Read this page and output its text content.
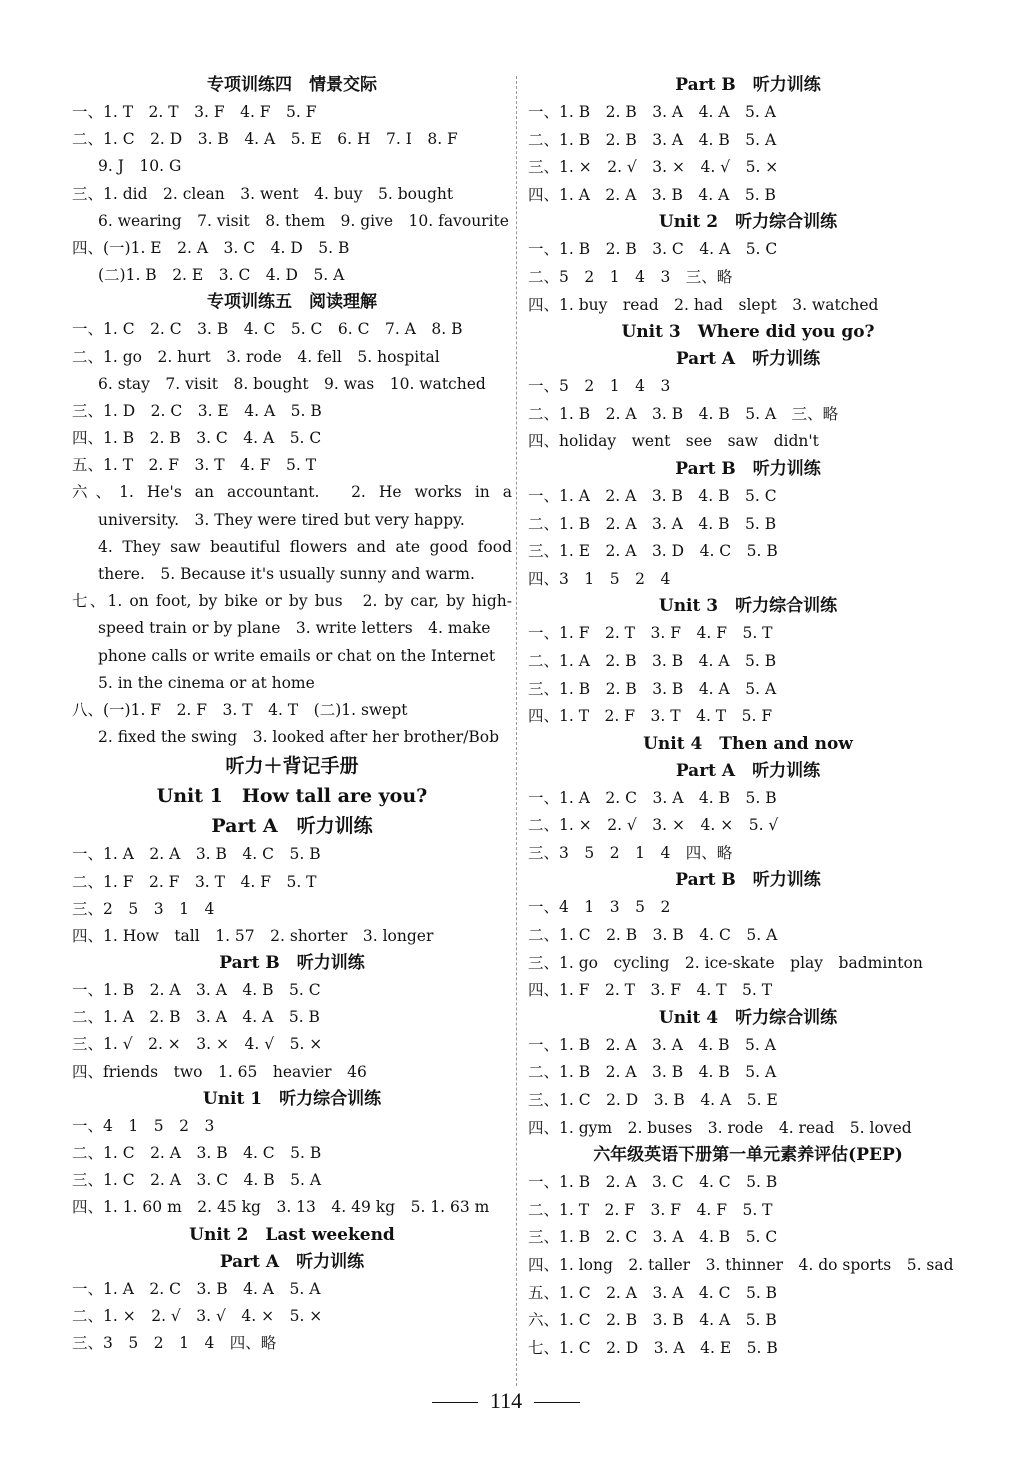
专项训练四　情景交际
一、1. T　2. T　3. F　4. F　5. F
二、1. C　2. D　3. B　4. A　5. E　6. H　7. I　8. F
9. J　10. G
三、1. did　2. clean　3. went　4. buy　5. bought
6. wearing　7. visit　8. them　9. give　10. favourite
四、(一)1. E　2. A　3. C　4. D　5. B
(二)1. B　2. E　3. C　4. D　5. A
专项训练五　阅读理解
一、1. C　2. C　3. B　4. C　5. C　6. C　7. A　8. B
二、1. go　2. hurt　3. rode　4. fell　5. hospital
6. stay　7. visit　8. bought　9. was　10. watched
三、1. D　2. C　3. E　4. A　5. B
四、1. B　2. B　3. C　4. A　5. C
五、1. T　2. F　3. T　4. F　5. T
六、1. He's an accountant.　2. He works in a
university.　3. They were tired but very happy.
4. They saw beautiful flowers and ate good food
there.　5. Because it's usually sunny and warm.
七、1. on foot, by bike or by bus　2. by car, by high-
speed train or by plane　3. write letters　4. make
phone calls or write emails or chat on the Internet
5. in the cinema or at home
八、(一)1. F　2. F　3. T　4. T　(二)1. swept
2. fixed the swing　3. looked after her brother/Bob
听力＋背记手册
Unit 1　How tall are you?
Part A　听力训练
一、1. A　2. A　3. B　4. C　5. B
二、1. F　2. F　3. T　4. F　5. T
三、2　5　3　1　4
四、1. How　tall　1. 57　2. shorter　3. longer
Part B　听力训练
一、1. B　2. A　3. A　4. B　5. C
二、1. A　2. B　3. A　4. A　5. B
三、1. √　2. ×　3. ×　4. √　5. ×
四、friends　two　1. 65　heavier　46
Unit 1　听力综合训练
一、4　1　5　2　3
二、1. C　2. A　3. B　4. C　5. B
三、1. C　2. A　3. C　4. B　5. A
四、1. 1. 60 m　2. 45 kg　3. 13　4. 49 kg　5. 1. 63 m
Unit 2　Last weekend
Part A　听力训练
一、1. A　2. C　3. B　4. A　5. A
二、1. ×　2. √　3. √　4. ×　5. ×
三、3　5　2　1　4　四、略
Part B　听力训练
一、1. B　2. B　3. A　4. A　5. A
二、1. B　2. B　3. A　4. B　5. A
三、1. ×　2. √　3. ×　4. √　5. ×
四、1. A　2. A　3. B　4. A　5. B
Unit 2　听力综合训练
一、1. B　2. B　3. C　4. A　5. C
二、5　2　1　4　3　三、略
四、1. buy　read　2. had　slept　3. watched
Unit 3　Where did you go?
Part A　听力训练
一、5　2　1　4　3
二、1. B　2. A　3. B　4. B　5. A　三、略
四、holiday　went　see　saw　didn't
Part B　听力训练
一、1. A　2. A　3. B　4. B　5. C
二、1. B　2. A　3. A　4. B　5. B
三、1. E　2. A　3. D　4. C　5. B
四、3　1　5　2　4
Unit 3　听力综合训练
一、1. F　2. T　3. F　4. F　5. T
二、1. A　2. B　3. B　4. A　5. B
三、1. B　2. B　3. B　4. A　5. A
四、1. T　2. F　3. T　4. T　5. F
Unit 4　Then and now
Part A　听力训练
一、1. A　2. C　3. A　4. B　5. B
二、1. ×　2. √　3. ×　4. ×　5. √
三、3　5　2　1　4　四、略
Part B　听力训练
一、4　1　3　5　2
二、1. C　2. B　3. B　4. C　5. A
三、1. go　cycling　2. ice-skate　play　badminton
四、1. F　2. T　3. F　4. T　5. T
Unit 4　听力综合训练
一、1. B　2. A　3. A　4. B　5. A
二、1. B　2. A　3. B　4. B　5. A
三、1. C　2. D　3. B　4. A　5. E
四、1. gym　2. buses　3. rode　4. read　5. loved
六年级英语下册第一单元素养评估(PEP)
一、1. B　2. A　3. C　4. C　5. B
二、1. T　2. F　3. F　4. F　5. T
三、1. B　2. C　3. A　4. B　5. C
四、1. long　2. taller　3. thinner　4. do sports　5. sad
五、1. C　2. A　3. A　4. C　5. B
六、1. C　2. B　3. B　4. A　5. B
七、1. C　2. D　3. A　4. E　5. B
114
